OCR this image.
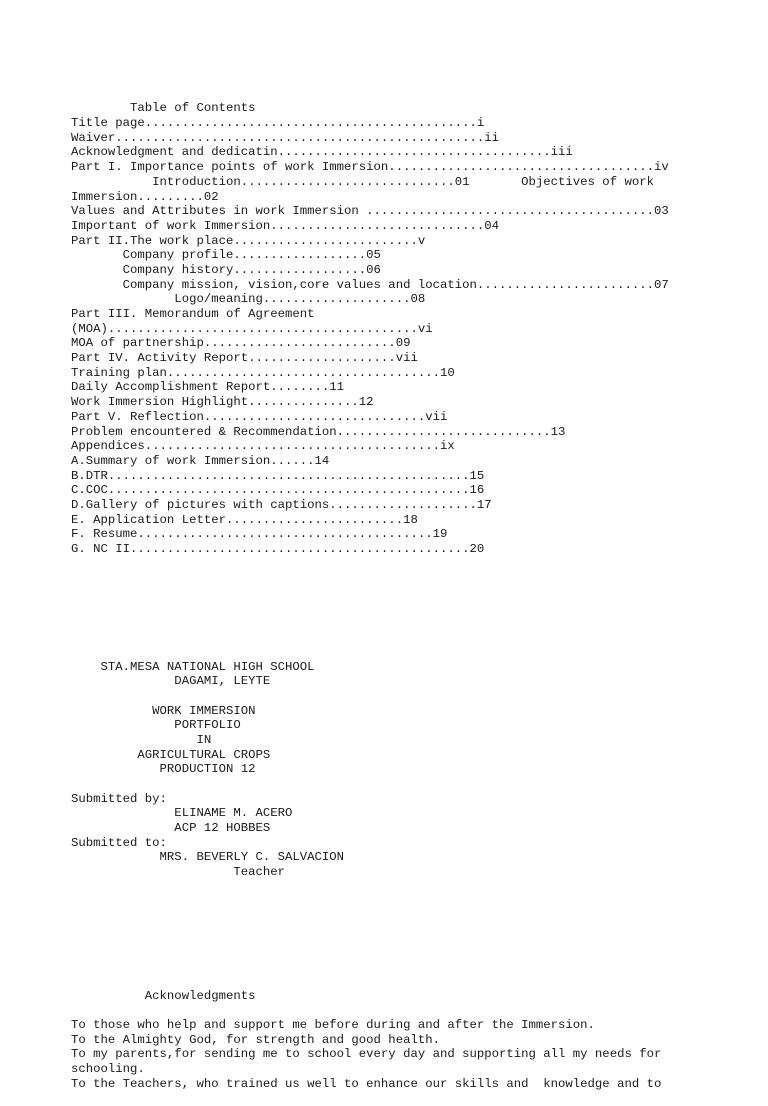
Table of Contents
Title page.............................................i
Waiver..................................................ii
Acknowledgment and dedicatin.....................................iii
Part I. Importance points of work Immersion....................................iv
Introduction.............................01       Objectives of work
Immersion.........02
Values and Attributes in work Immersion .......................................03
Important of work Immersion.............................04
Part II.The work place.........................v
Company profile..................05
Company history..................06
Company mission, vision,core values and location........................07
Logo/meaning....................08
Part III. Memorandum of Agreement
(MOA)..........................................vi
MOA of partnership..........................09
Part IV. Activity Report....................vii
Training plan.....................................10
Daily Accomplishment Report........11
Work Immersion Highlight...............12
Part V. Reflection..............................vii
Problem encountered & Recommendation.............................13
Appendices........................................ix
A.Summary of work Immersion......14
B.DTR.................................................15
C.COC.................................................16
D.Gallery of pictures with captions....................17
E. Application Letter........................18
F. Resume........................................19
G. NC II..............................................20

STA.MESA NATIONAL HIGH SCHOOL
DAGAMI, LEYTE
WORK IMMERSION
PORTFOLIO
IN
AGRICULTURAL CROPS
PRODUCTION 12
Submitted by:
ELINAME M. ACERO
ACP 12 HOBBES
Submitted to:
MRS. BEVERLY C. SALVACION
Teacher

Acknowledgments
To those who help and support me before during and after the Immersion.
To the Almighty God, for strength and good health.
To my parents,for sending me to school every day and supporting all my needs for
schooling.
To the Teachers, who trained us well to enhance our skills and  knowledge and to
